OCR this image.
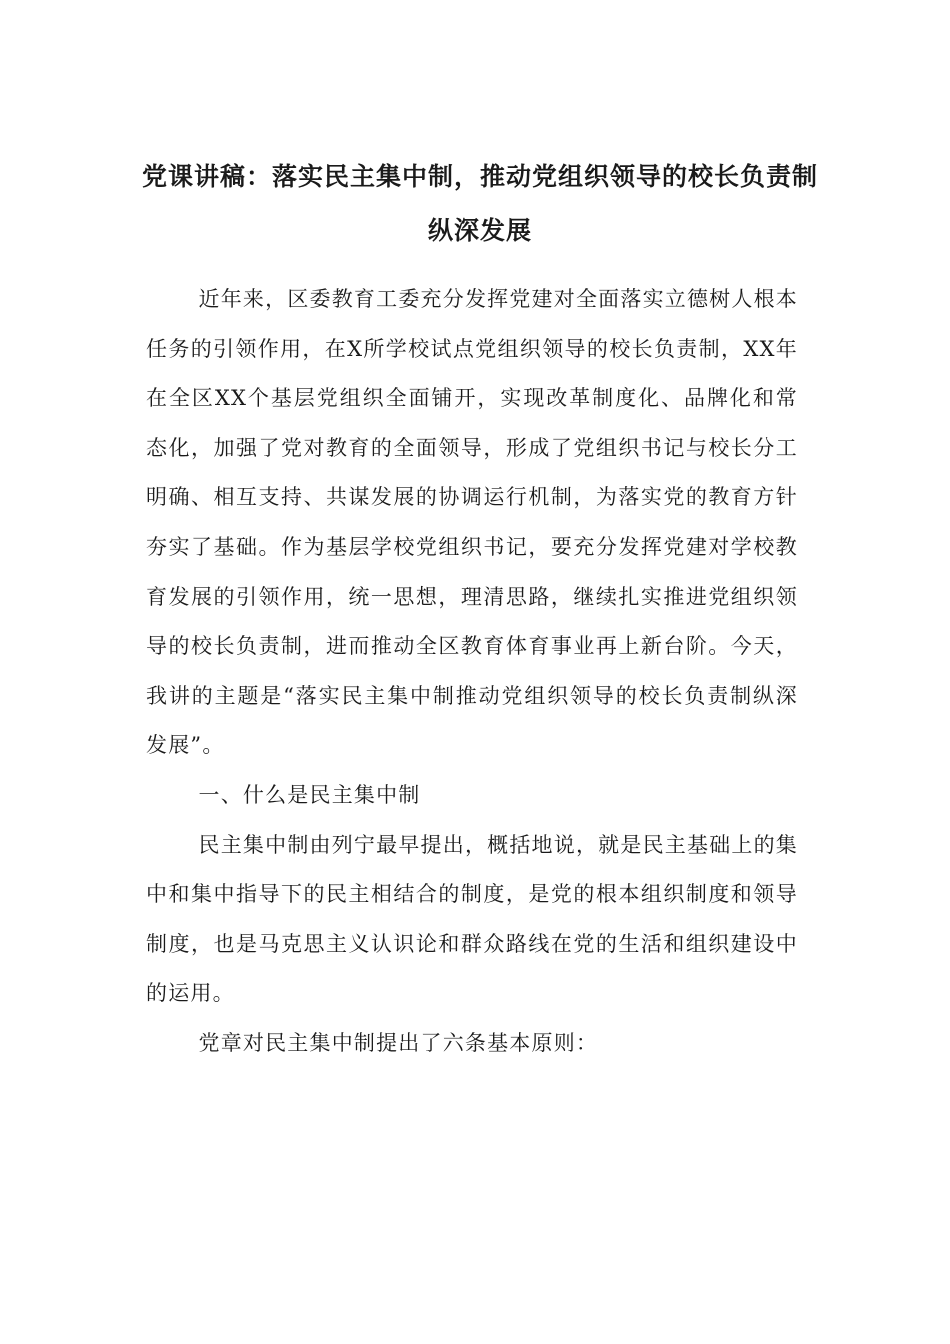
党课讲稿：落实民主集中制，推动党组织领导的校长负责制纵深发展

近年来，区委教育工委充分发挥党建对全面落实立德树人根本任务的引领作用，在X所学校试点党组织领导的校长负责制，XX年在全区XX个基层党组织全面铺开，实现改革制度化、品牌化和常态化，加强了党对教育的全面领导，形成了党组织书记与校长分工明确、相互支持、共谋发展的协调运行机制，为落实党的教育方针夯实了基础。作为基层学校党组织书记，要充分发挥党建对学校教育发展的引领作用，统一思想，理清思路，继续扎实推进党组织领导的校长负责制，进而推动全区教育体育事业再上新台阶。今天，我讲的主题是“落实民主集中制推动党组织领导的校长负责制纵深发展”。

一、什么是民主集中制

民主集中制由列宁最早提出，概括地说，就是民主基础上的集中和集中指导下的民主相结合的制度，是党的根本组织制度和领导制度，也是马克思主义认识论和群众路线在党的生活和组织建设中的运用。

党章对民主集中制提出了六条基本原则：
